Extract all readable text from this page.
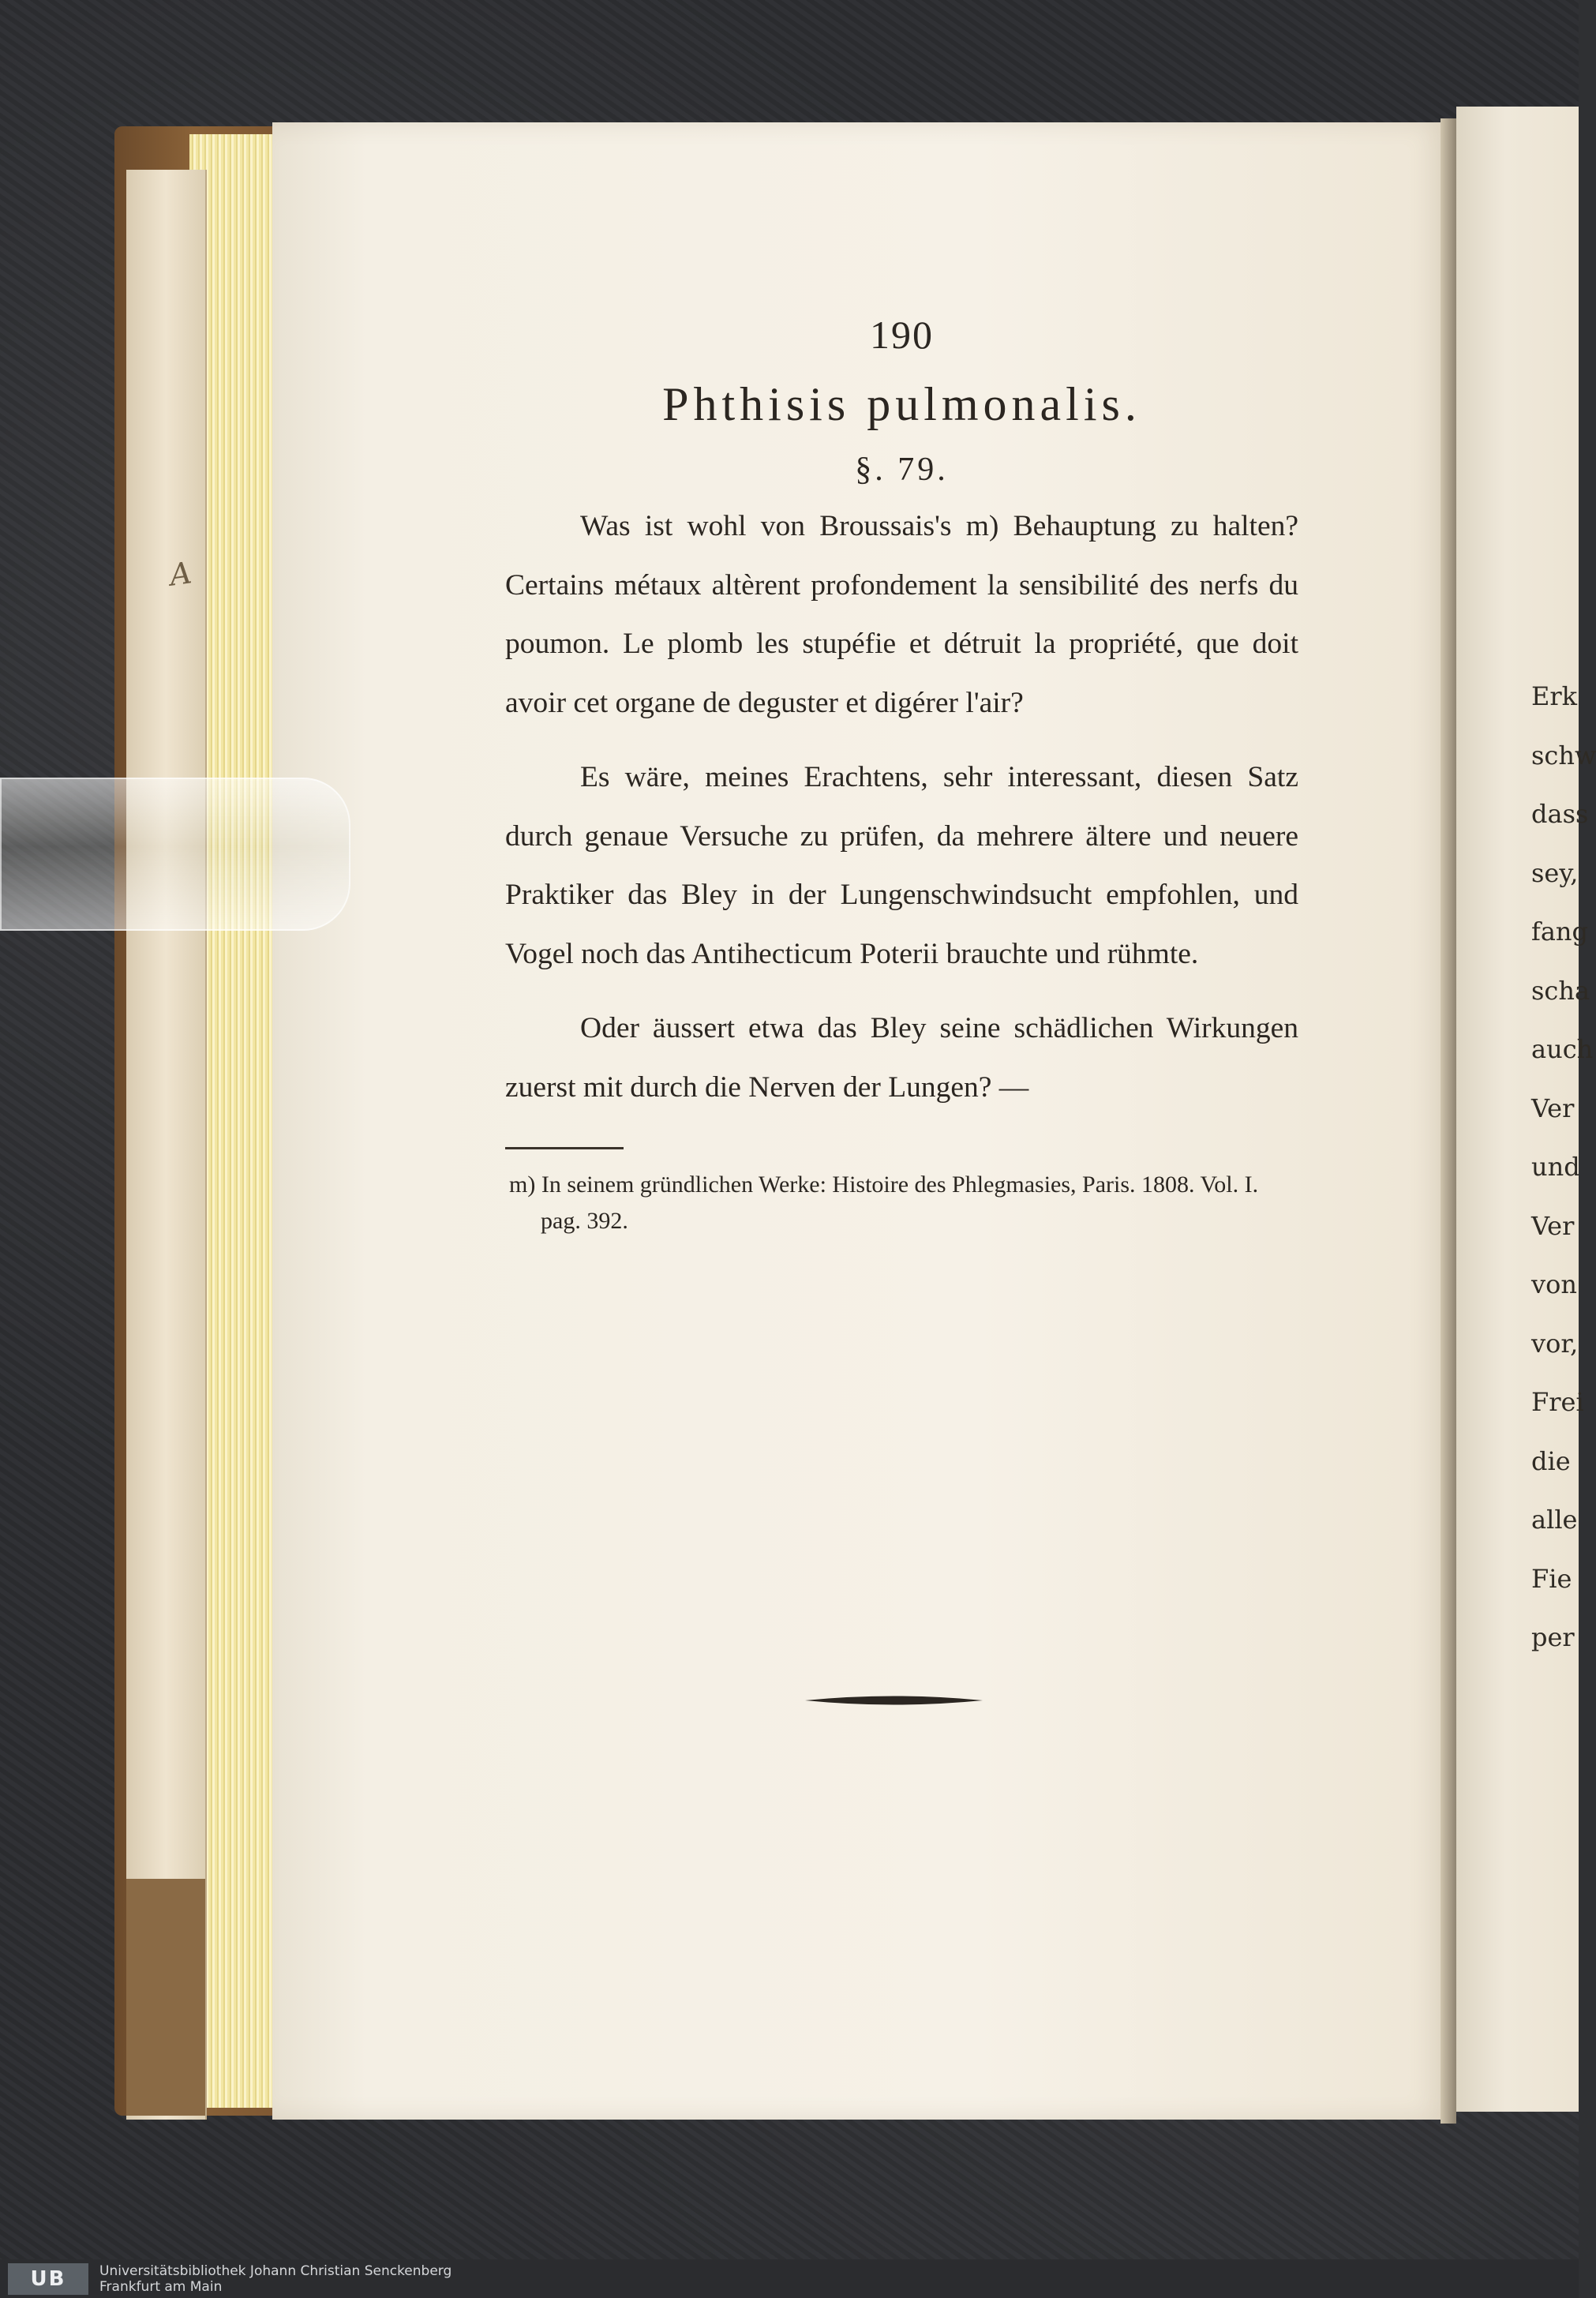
Erk
schw
dass
sey,
fang
scha
auch
Ver
und
Ver
von
vor,
Frei
die
alle
Fie
per
A

190

Phthisis pulmonalis.

§. 79.

Was ist wohl von Broussais's m) Behauptung zu halten? Certains métaux altèrent profondement la sensibilité des nerfs du poumon. Le plomb les stupéfie et détruit la propriété, que doit avoir cet organe de deguster et digérer l'air?

Es wäre, meines Erachtens, sehr interessant, diesen Satz durch genaue Versuche zu prüfen, da mehrere ältere und neuere Praktiker das Bley in der Lungenschwindsucht empfohlen, und Vogel noch das Antihecticum Poterii brauchte und rühmte.

Oder äussert etwa das Bley seine schädlichen Wirkungen zuerst mit durch die Nerven der Lungen? —

m) In seinem gründlichen Werke: Histoire des Phlegmasies, Paris. 1808. Vol. I. pag. 392.

UB	Universitätsbibliothek Johann Christian Senckenberg
Frankfurt am Main
